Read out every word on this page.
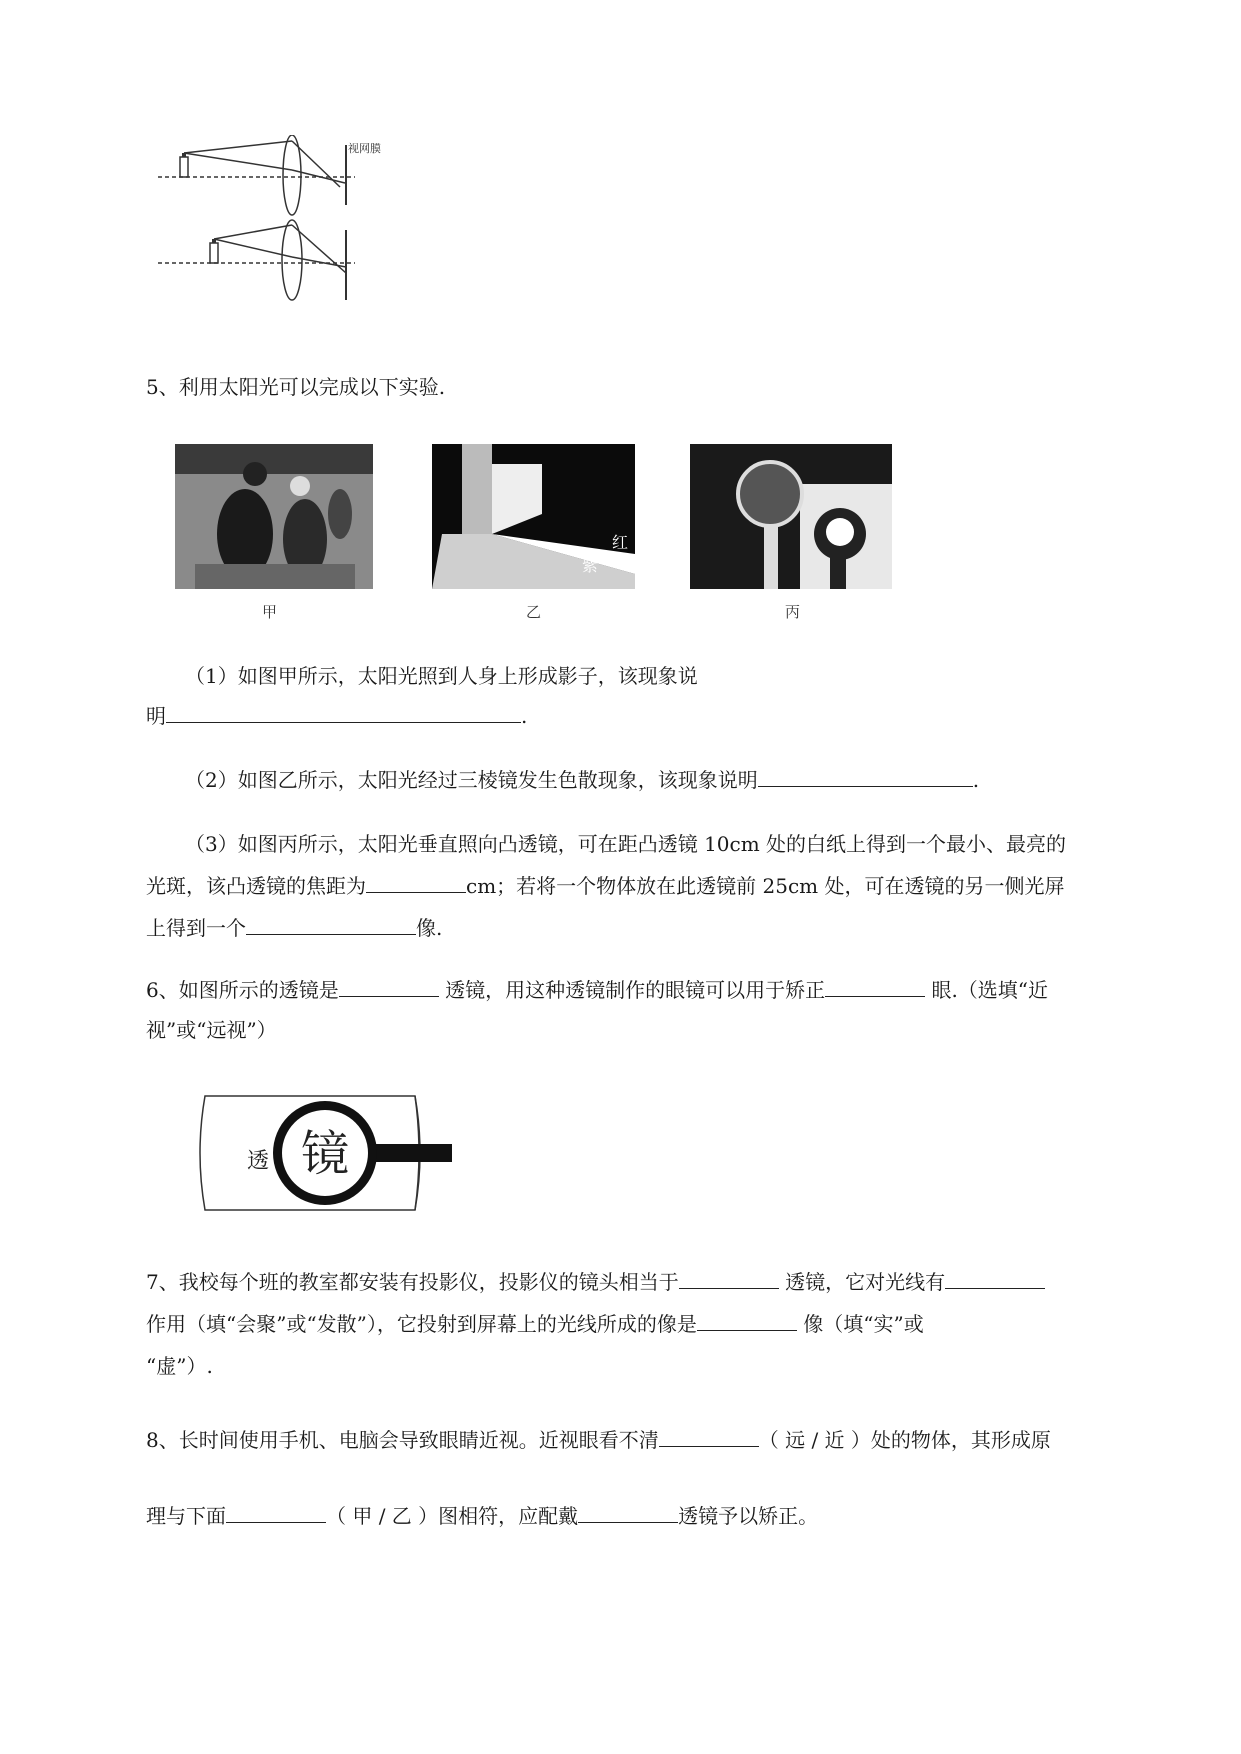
视网膜
5、利用太阳光可以完成以下实验.
红
紫
甲	乙	丙
（1）如图甲所示，太阳光照到人身上形成影子，该现象说
明	.
（2）如图乙所示，太阳光经过三棱镜发生色散现象，该现象说明	.
（3）如图丙所示，太阳光垂直照向凸透镜，可在距凸透镜 10cm 处的白纸上得到一个最小、最亮的
光斑，该凸透镜的焦距为	cm；若将一个物体放在此透镜前 25cm 处，可在透镜的另一侧光屏
上得到一个	像.
6、如图所示的透镜是	透镜，用这种透镜制作的眼镜可以用于矫正	眼.（选填“近
视”或“远视”）
透 镜
7、我校每个班的教室都安装有投影仪，投影仪的镜头相当于	透镜，它对光线有
作用（填“会聚”或“发散”），它投射到屏幕上的光线所成的像是	像（填“实”或
“虚”）.
8、长时间使用手机、电脑会导致眼睛近视。近视眼看不清	（ 远 / 近 ）处的物体，其形成原
理与下面	（ 甲 / 乙 ）图相符，应配戴	透镜予以矫正。
